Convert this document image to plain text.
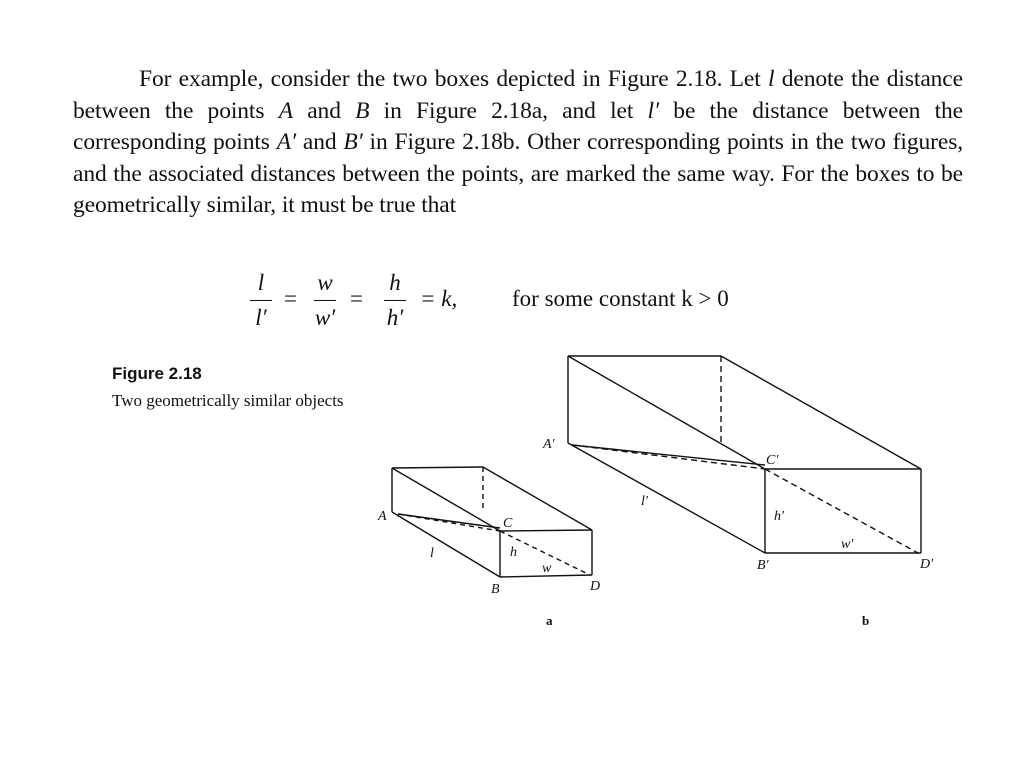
For example, consider the two boxes depicted in Figure 2.18. Let l denote the distance between the points A and B in Figure 2.18a, and let l′ be the distance between the corresponding points A′ and B′ in Figure 2.18b. Other corresponding points in the two figures, and the associated distances between the points, are marked the same way. For the boxes to be geometrically similar, it must be true that
l
l′
=
w
w′
=
h
h′
= k, for some constant k > 0
Figure 2.18
Two geometrically similar objects
A
B
C
D
l
w
h
a
A′
B′
C′
D′
l′
w′
h′
b
